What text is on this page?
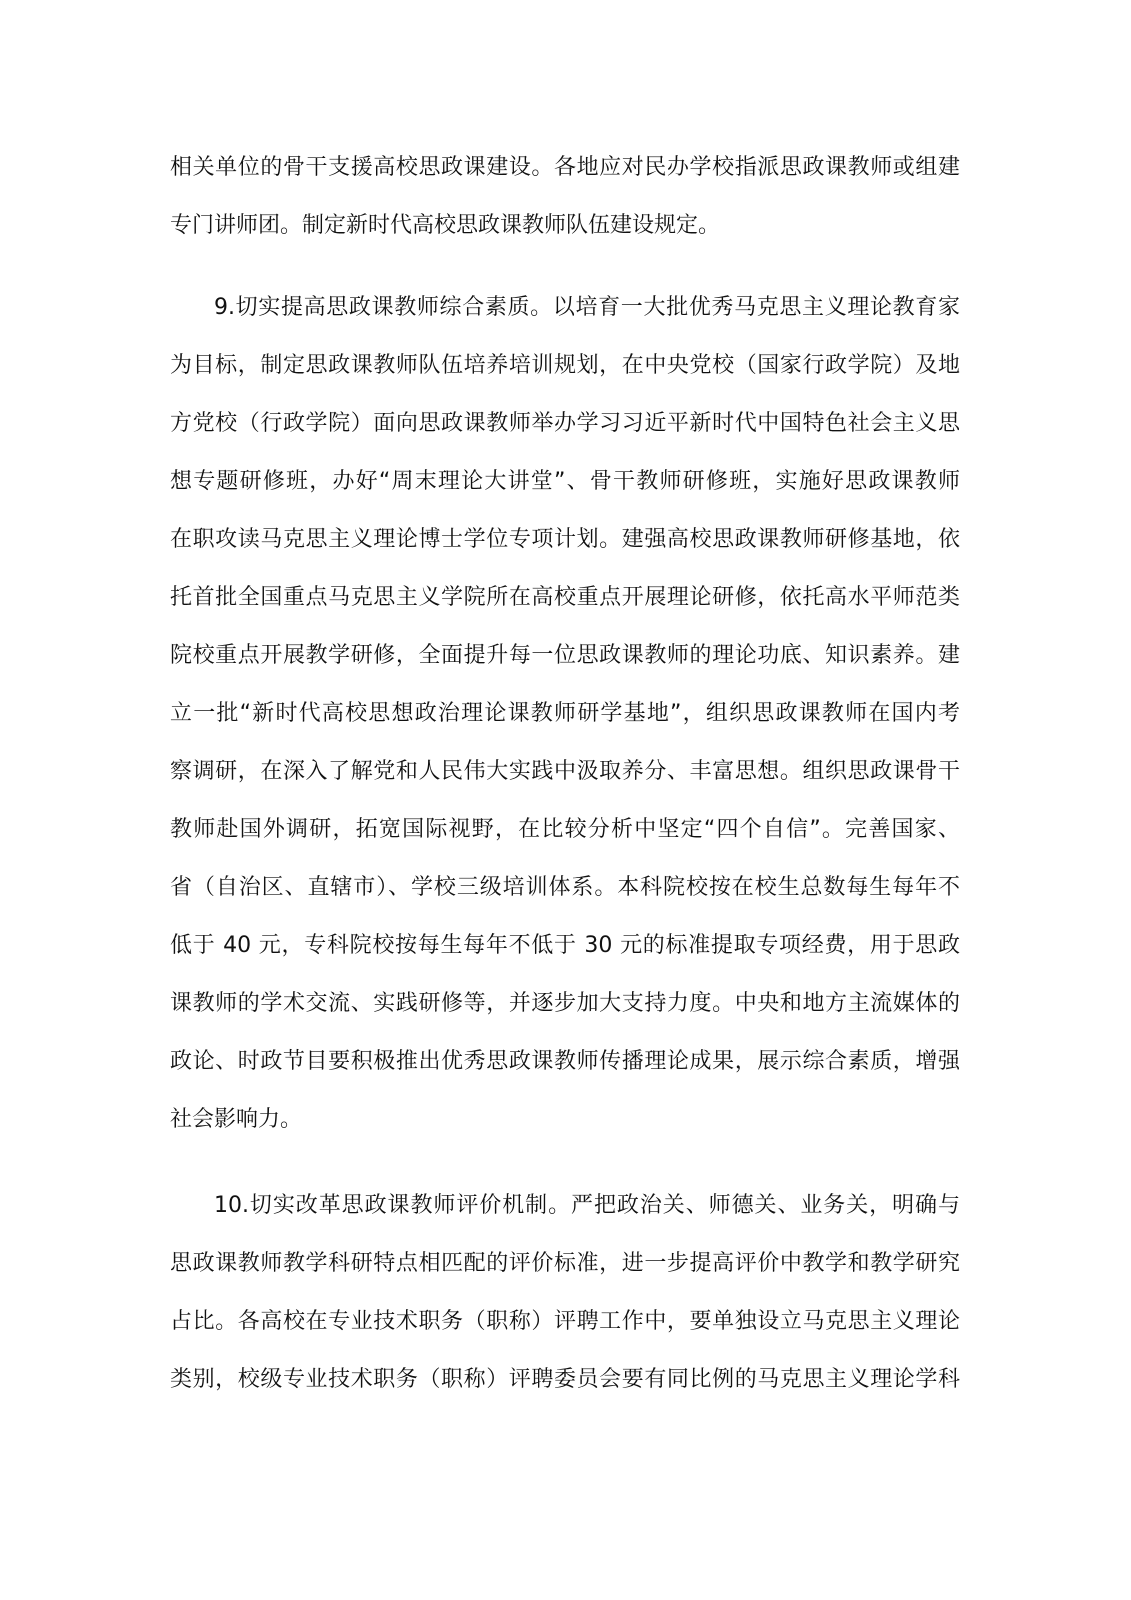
相关单位的骨干支援高校思政课建设。各地应对民办学校指派思政课教师或组建
专门讲师团。制定新时代高校思政课教师队伍建设规定。
9.切实提高思政课教师综合素质。以培育一大批优秀马克思主义理论教育家
为目标，制定思政课教师队伍培养培训规划，在中央党校（国家行政学院）及地
方党校（行政学院）面向思政课教师举办学习习近平新时代中国特色社会主义思
想专题研修班，办好“周末理论大讲堂”、骨干教师研修班，实施好思政课教师
在职攻读马克思主义理论博士学位专项计划。建强高校思政课教师研修基地，依
托首批全国重点马克思主义学院所在高校重点开展理论研修，依托高水平师范类
院校重点开展教学研修，全面提升每一位思政课教师的理论功底、知识素养。建
立一批“新时代高校思想政治理论课教师研学基地”，组织思政课教师在国内考
察调研，在深入了解党和人民伟大实践中汲取养分、丰富思想。组织思政课骨干
教师赴国外调研，拓宽国际视野，在比较分析中坚定“四个自信”。完善国家、
省（自治区、直辖市）、学校三级培训体系。本科院校按在校生总数每生每年不
低于 40 元，专科院校按每生每年不低于 30 元的标准提取专项经费，用于思政
课教师的学术交流、实践研修等，并逐步加大支持力度。中央和地方主流媒体的
政论、时政节目要积极推出优秀思政课教师传播理论成果，展示综合素质，增强
社会影响力。
10.切实改革思政课教师评价机制。严把政治关、师德关、业务关，明确与
思政课教师教学科研特点相匹配的评价标准，进一步提高评价中教学和教学研究
占比。各高校在专业技术职务（职称）评聘工作中，要单独设立马克思主义理论
类别，校级专业技术职务（职称）评聘委员会要有同比例的马克思主义理论学科
